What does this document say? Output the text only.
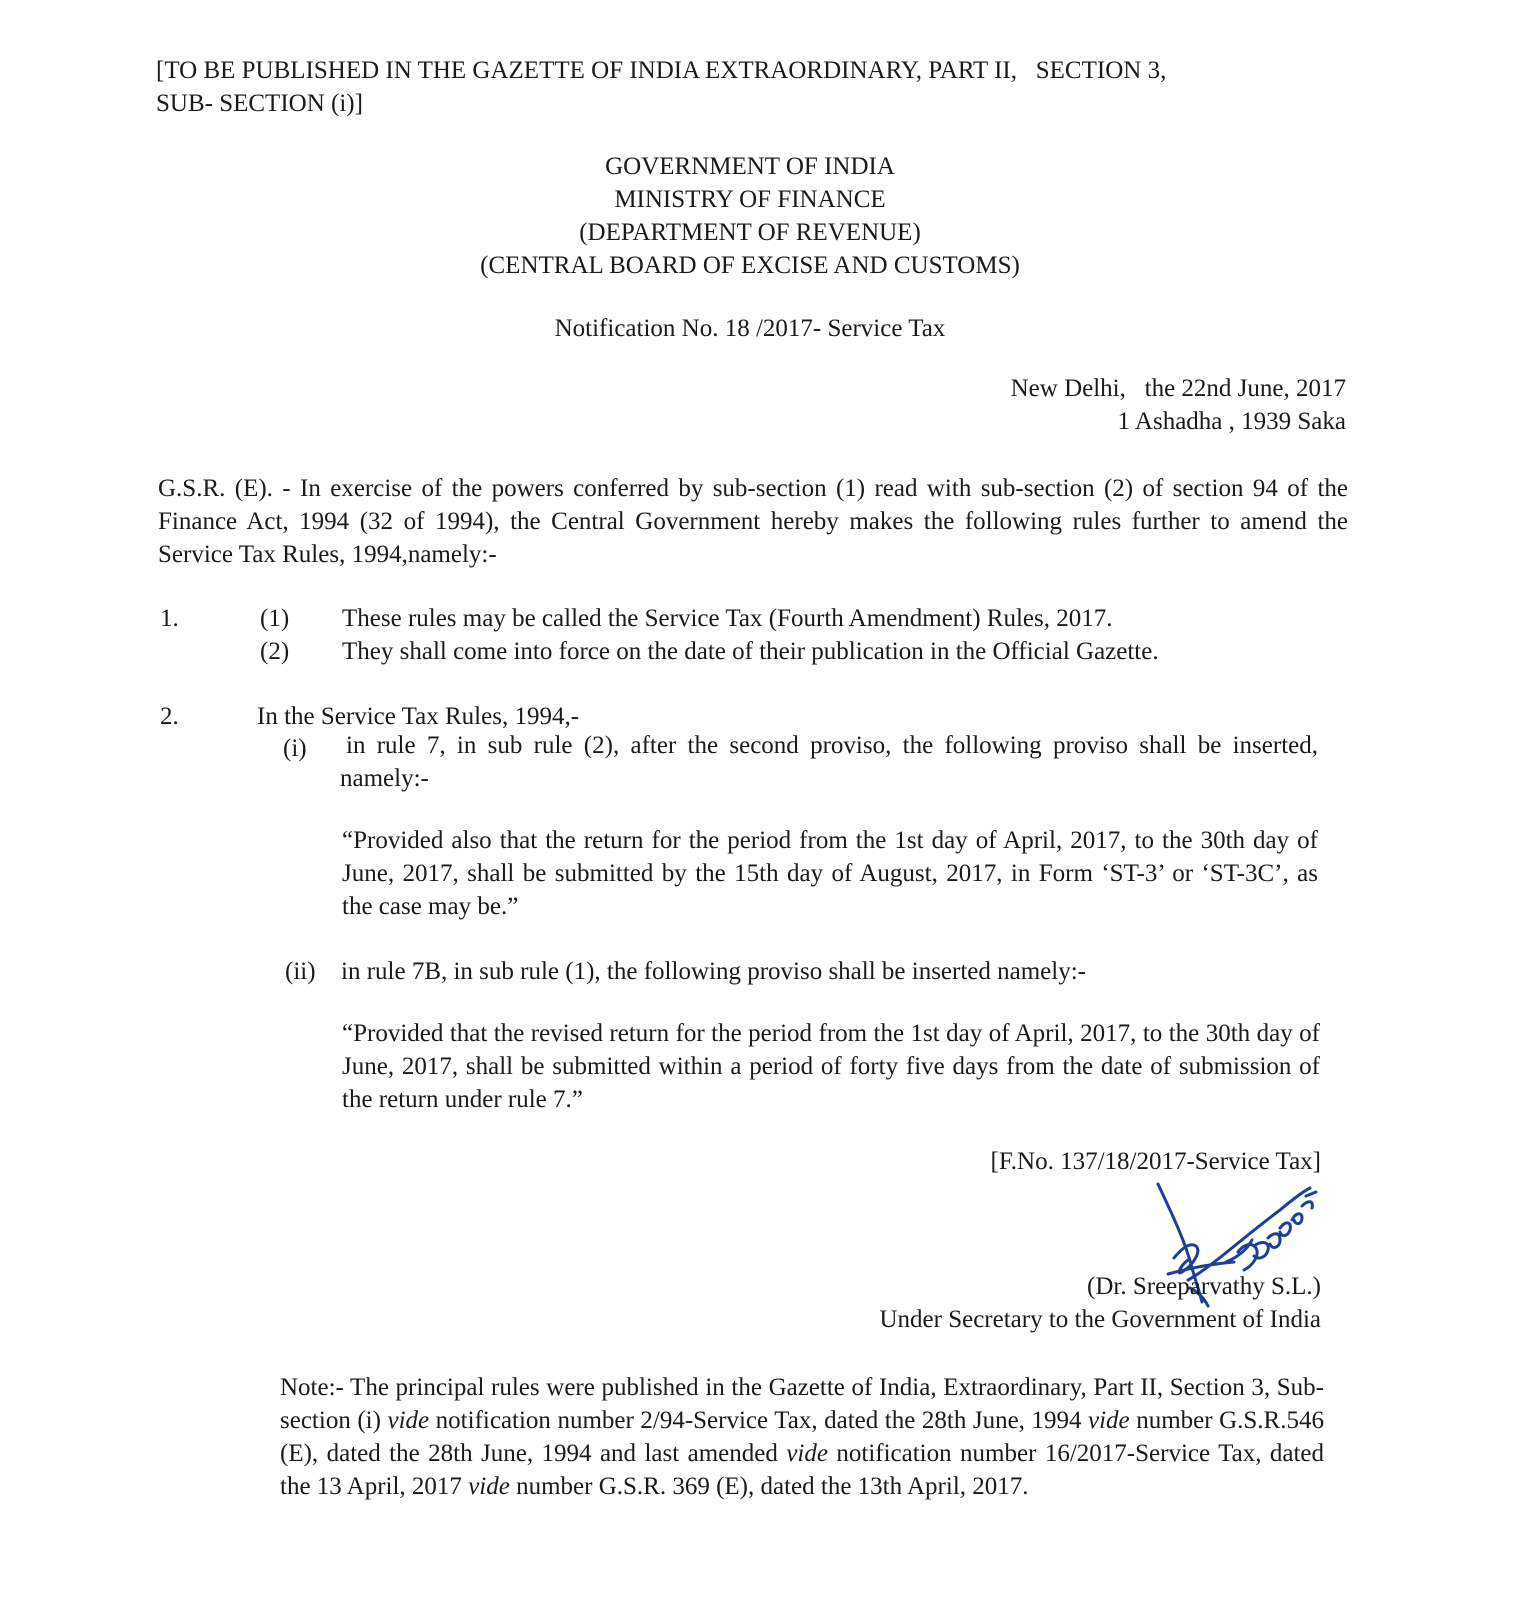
[TO BE PUBLISHED IN THE GAZETTE OF INDIA EXTRAORDINARY, PART II,   SECTION 3,

SUB- SECTION (i)]

GOVERNMENT OF INDIA

MINISTRY OF FINANCE

(DEPARTMENT OF REVENUE)

(CENTRAL BOARD OF EXCISE AND CUSTOMS)

Notification No. 18 /2017- Service Tax

New Delhi,   the 22nd June, 2017

1 Ashadha , 1939 Saka

G.S.R. (E). - In exercise of the powers conferred by sub-section (1) read with sub-section (2) of section 94 of the Finance Act, 1994 (32 of 1994), the Central Government hereby makes the following rules further to amend the Service Tax Rules, 1994,namely:-
1.	(1) These rules may be called the Service Tax (Fourth Amendment) Rules, 2017.
(2) They shall come into force on the date of their publication in the Official Gazette.
2.	In the Service Tax Rules, 1994,-
(i) in rule 7, in sub rule (2), after the second proviso, the following proviso shall be inserted, namely:-
“Provided also that the return for the period from the 1st day of April, 2017, to the 30th day of June, 2017, shall be submitted by the 15th day of August, 2017, in Form ‘ST-3’ or ‘ST-3C’, as the case may be.”
(ii) in rule 7B, in sub rule (1), the following proviso shall be inserted namely:-
“Provided that the revised return for the period from the 1st day of April, 2017, to the 30th day of June, 2017, shall be submitted within a period of forty five days from the date of submission of the return under rule 7.”
[F.No. 137/18/2017-Service Tax]
(Dr. Sreeparvathy S.L.)
Under Secretary to the Government of India
Note:- The principal rules were published in the Gazette of India, Extraordinary, Part II, Section 3, Sub-section (i) vide notification number 2/94-Service Tax, dated the 28th June, 1994 vide number G.S.R.546 (E), dated the 28th June, 1994 and last amended vide notification number 16/2017-Service Tax, dated the 13 April, 2017 vide number G.S.R. 369 (E), dated the 13th April, 2017.
